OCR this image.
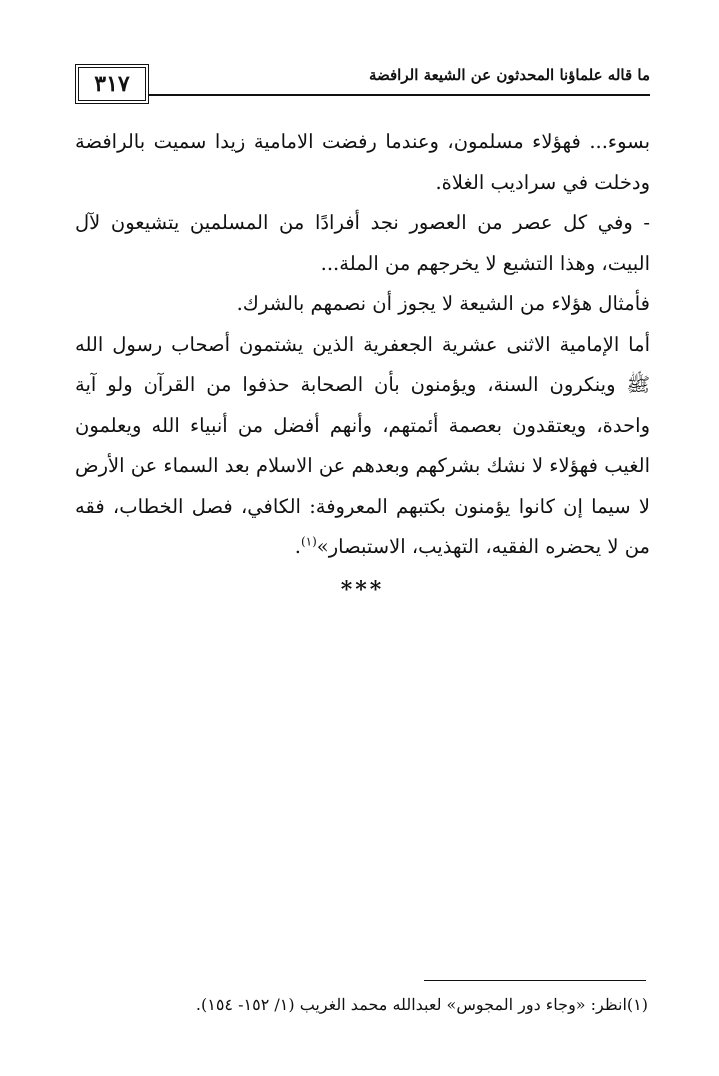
٣١٧	ما قاله علماؤنا المحدثون عن الشيعة الرافضة

بسوء... فهؤلاء مسلمون، وعندما رفضت الامامية زيدا سميت بالرافضة ودخلت في سراديب الغلاة.

- وفي كل عصر من العصور نجد أفرادًا من المسلمين يتشيعون لآل البيت، وهذا التشيع لا يخرجهم من الملة...

فأمثال هؤلاء من الشيعة لا يجوز أن نصمهم بالشرك.

أما الإمامية الاثنى عشرية الجعفرية الذين يشتمون أصحاب رسول الله ﷺ وينكرون السنة، ويؤمنون بأن الصحابة حذفوا من القرآن ولو آية واحدة، ويعتقدون بعصمة أئمتهم، وأنهم أفضل من أنبياء الله ويعلمون الغيب فهؤلاء لا نشك بشركهم وبعدهم عن الاسلام بعد السماء عن الأرض لا سيما إن كانوا يؤمنون بكتبهم المعروفة: الكافي، فصل الخطاب، فقه من لا يحضره الفقيه، التهذيب، الاستبصار»$^{(١)}$.

***
(١)انظر: «وجاء دور المجوس» لعبدالله محمد الغريب (١/ ١٥٢- ١٥٤).
